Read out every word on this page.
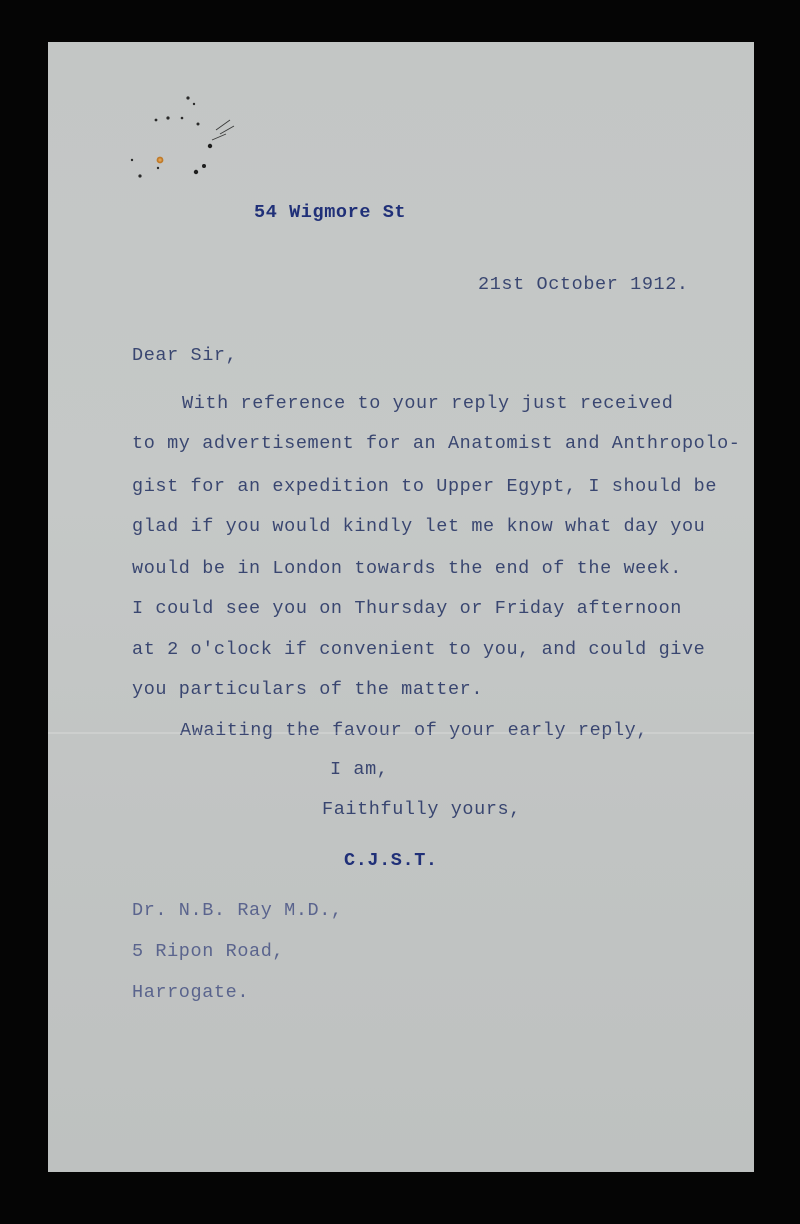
54 Wigmore St
21st October 1912.
Dear Sir,
With reference to your reply just received
to my advertisement for an Anatomist and Anthropolo-
gist for an expedition to Upper Egypt, I should be
glad if you would kindly let me know what day you
would be in London towards the end of the week.
I could see you on Thursday or Friday afternoon
at 2 o'clock if convenient to you, and could give
you particulars of the matter.
Awaiting the favour of your early reply,
I am,
Faithfully yours,
C.J.S.T.
Dr. N.B. Ray M.D.,
5 Ripon Road,
Harrogate.
